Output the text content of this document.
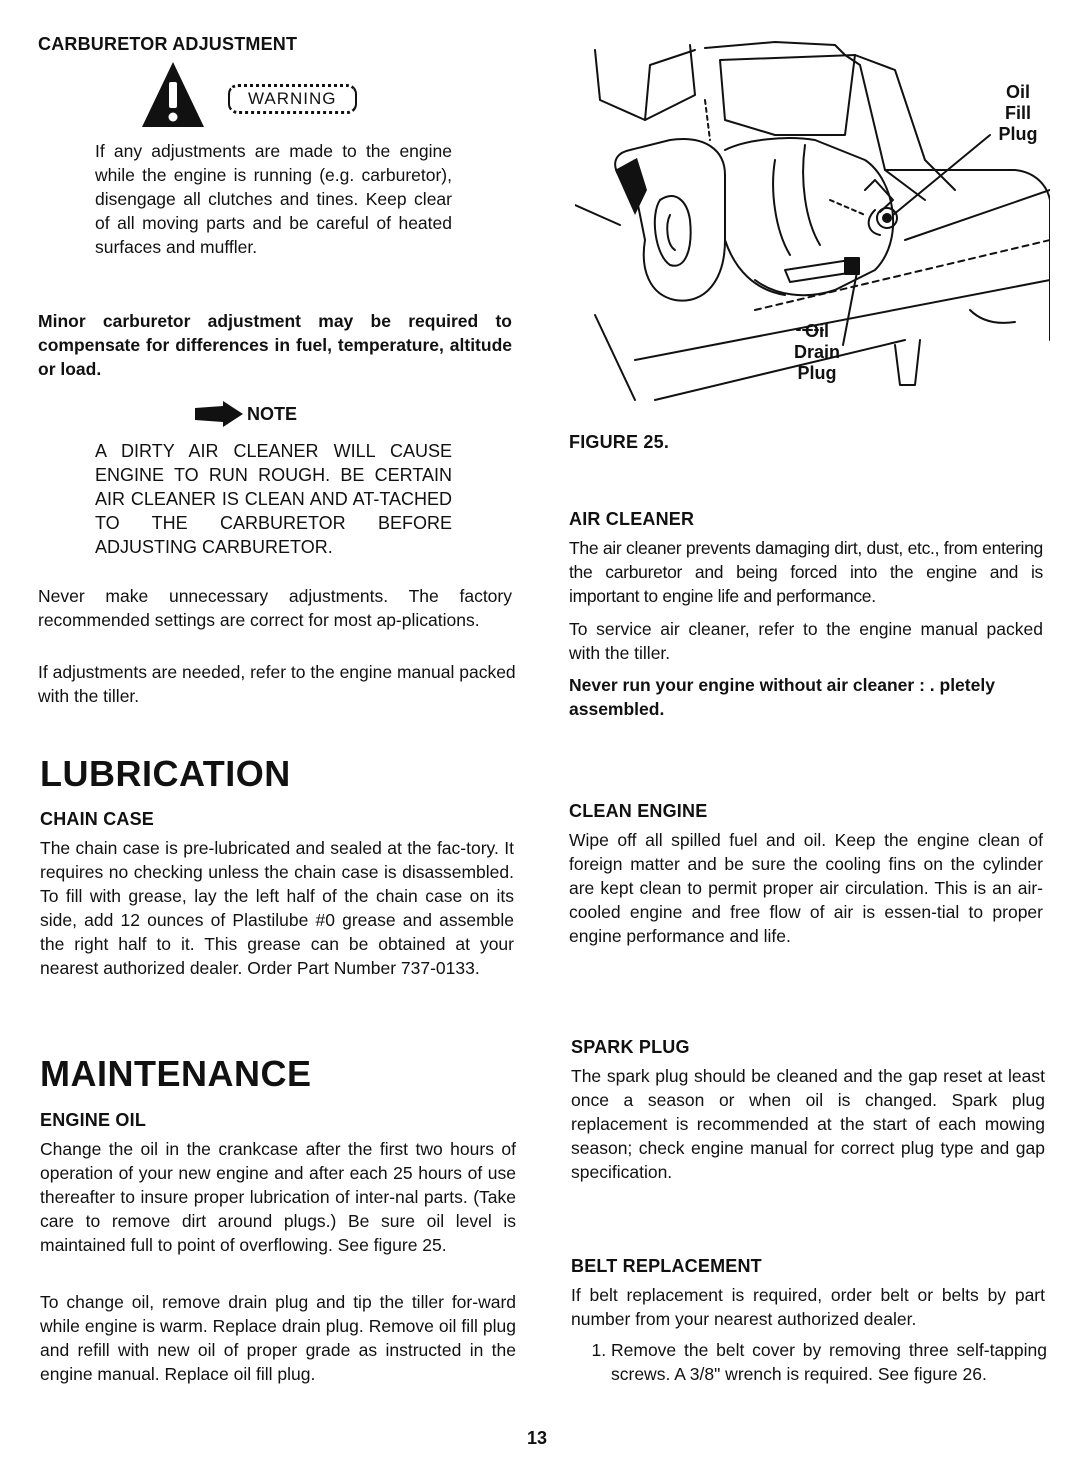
CARBURETOR ADJUSTMENT
WARNING

If any adjustments are made to the engine while the engine is running (e.g. carburetor), disengage all clutches and tines. Keep clear of all moving parts and be careful of heated surfaces and muffler.

Minor carburetor adjustment may be required to compensate for differences in fuel, temperature, altitude or load.

NOTE

A DIRTY AIR CLEANER WILL CAUSE ENGINE TO RUN ROUGH. BE CERTAIN AIR CLEANER IS CLEAN AND AT-TACHED TO THE CARBURETOR BEFORE ADJUSTING CARBURETOR.

Never make unnecessary adjustments. The factory recommended settings are correct for most ap-plications.

If adjustments are needed, refer to the engine manual packed with the tiller.

LUBRICATION
CHAIN CASE

The chain case is pre-lubricated and sealed at the fac-tory. It requires no checking unless the chain case is disassembled. To fill with grease, lay the left half of the chain case on its side, add 12 ounces of Plastilube #0 grease and assemble the right half to it. This grease can be obtained at your nearest authorized dealer. Order Part Number 737-0133.

MAINTENANCE
ENGINE OIL

Change the oil in the crankcase after the first two hours of operation of your new engine and after each 25 hours of use thereafter to insure proper lubrication of inter-nal parts. (Take care to remove dirt around plugs.) Be sure oil level is maintained full to point of overflowing. See figure 25.

To change oil, remove drain plug and tip the tiller for-ward while engine is warm. Replace drain plug. Remove oil fill plug and refill with new oil of proper grade as instructed in the engine manual. Replace oil fill plug.

Oil
Fill
Plug
Oil
Drain
Plug
FIGURE 25.
AIR CLEANER

The air cleaner prevents damaging dirt, dust, etc., from entering the carburetor and being forced into the engine and is important to engine life and performance.

To service air cleaner, refer to the engine manual packed with the tiller.

Never run your engine without air cleaner : . pletely assembled.

CLEAN ENGINE

Wipe off all spilled fuel and oil. Keep the engine clean of foreign matter and be sure the cooling fins on the cylinder are kept clean to permit proper air circulation. This is an air-cooled engine and free flow of air is essen-tial to proper engine performance and life.

SPARK PLUG

The spark plug should be cleaned and the gap reset at least once a season or when oil is changed. Spark plug replacement is recommended at the start of each mowing season; check engine manual for correct plug type and gap specification.

BELT REPLACEMENT

If belt replacement is required, order belt or belts by part number from your nearest authorized dealer.

1. Remove the belt cover by removing three self-tapping screws. A 3/8" wrench is required. See figure 26.
13
